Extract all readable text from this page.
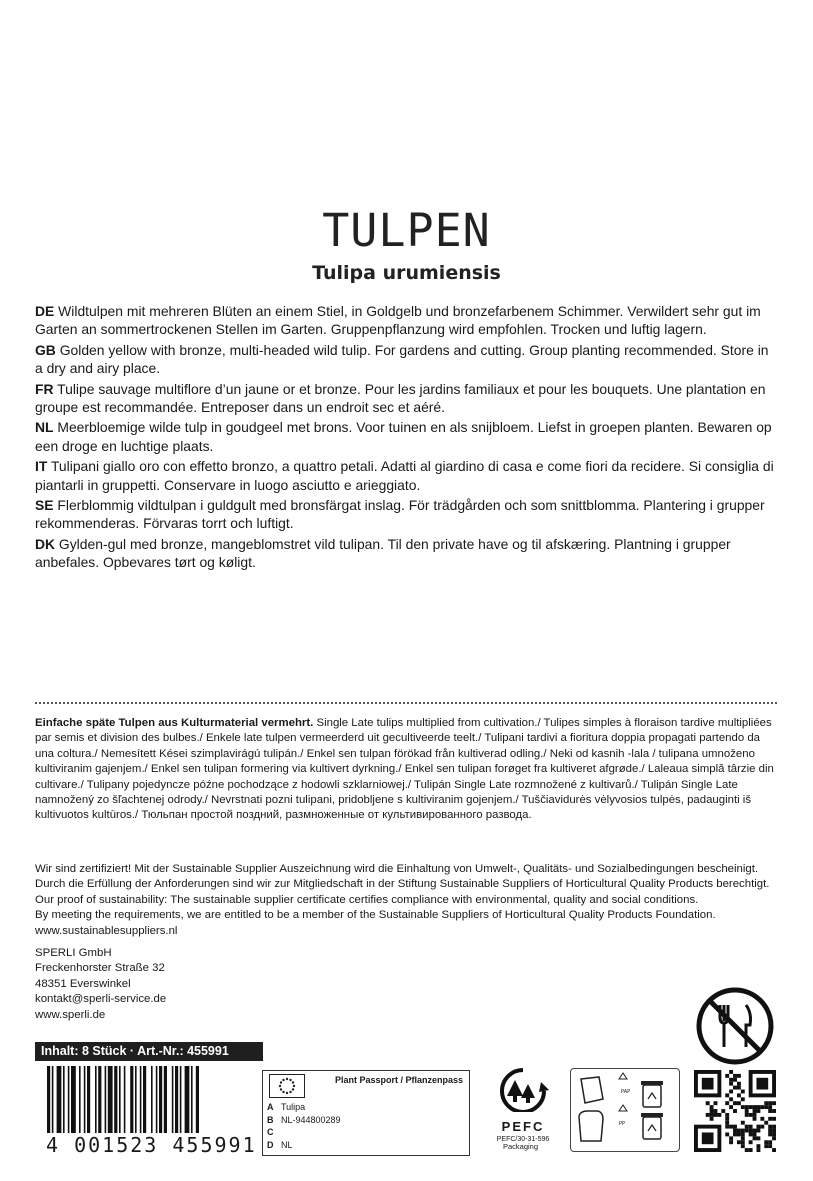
TULPEN
Tulipa urumiensis
DE Wildtulpen mit mehreren Blüten an einem Stiel, in Goldgelb und bronzefarbenem Schimmer. Verwildert sehr gut im Garten an sommertrockenen Stellen im Garten. Gruppenpflanzung wird empfohlen. Trocken und luftig lagern.
GB Golden yellow with bronze, multi-headed wild tulip. For gardens and cutting. Group planting recommended. Store in a dry and airy place.
FR Tulipe sauvage multiflore d’un jaune or et bronze. Pour les jardins familiaux et pour les bouquets. Une plantation en groupe est recommandée. Entreposer dans un endroit sec et aéré.
NL Meerbloemige wilde tulp in goudgeel met brons. Voor tuinen en als snijbloem. Liefst in groepen planten. Bewaren op een droge en luchtige plaats.
IT Tulipani giallo oro con effetto bronzo, a quattro petali. Adatti al giardino di casa e come fiori da recidere. Si consiglia di piantarli in gruppetti. Conservare in luogo asciutto e arieggiato.
SE Flerblommig vildtulpan i guldgult med bronsfärgat inslag. För trädgården och som snittblomma. Plantering i grupper rekommenderas. Förvaras torrt och luftigt.
DK Gylden-gul med bronze, mangeblomstret vild tulipan. Til den private have og til afskæring. Plantning i grupper anbefales. Opbevares tørt og køligt.
Einfache späte Tulpen aus Kulturmaterial vermehrt. Single Late tulips multiplied from cultivation./ Tulipes simples à floraison tardive multipliées par semis et division des bulbes./ Enkele late tulpen vermeerderd uit gecultiveerde teelt./ Tulipani tardivi a fioritura doppia propagati partendo da una coltura./ Nemesített Kései szimplavirágú tulipán./ Enkel sen tulpan förökad från kultiverad odling./ Neki od kasnih -lala / tulipana umnoženo kultiviranim gajenjem./ Enkel sen tulipan formering via kultivert dyrkning./ Enkel sen tulipan forøget fra kultiveret afgrøde./ Laleaua simplă târzie din cultivare./ Tulipany pojedyncze późne pochodzące z hodowli szklarniowej./ Tulipán Single Late rozmnožené z kultivarů./ Tulipán Single Late namnožený zo šľachtenej odrody./ Nevrstnati pozni tulipani, pridobljene s kultiviranim gojenjem./ Tuščiavidurės vėlyvosios tulpės, padauginti iš kultivuotos kultūros./ Тюльпан простой поздний, размноженные от культивированного развода.
Wir sind zertifiziert! Mit der Sustainable Supplier Auszeichnung wird die Einhaltung von Umwelt-, Qualitäts- und Sozialbedingungen bescheinigt.
Durch die Erfüllung der Anforderungen sind wir zur Mitgliedschaft in der Stiftung Sustainable Suppliers of Horticultural Quality Products berechtigt.
Our proof of sustainability: The sustainable supplier certificate certifies compliance with environmental, quality and social conditions.
By meeting the requirements, we are entitled to be a member of the Sustainable Suppliers of Horticultural Quality Products Foundation.
www.sustainablesuppliers.nl
SPERLI GmbH
Freckenhorster Straße 32
48351 Everswinkel
kontakt@sperli-service.de
www.sperli.de
Inhalt: 8 Stück · Art.-Nr.: 455991
4 001523 455991
Plant Passport / Pflanzenpass
A Tulipa
B NL-944800289
C
D NL
PEFC
PEFC/30-31-596
Packaging
PAP
PP
